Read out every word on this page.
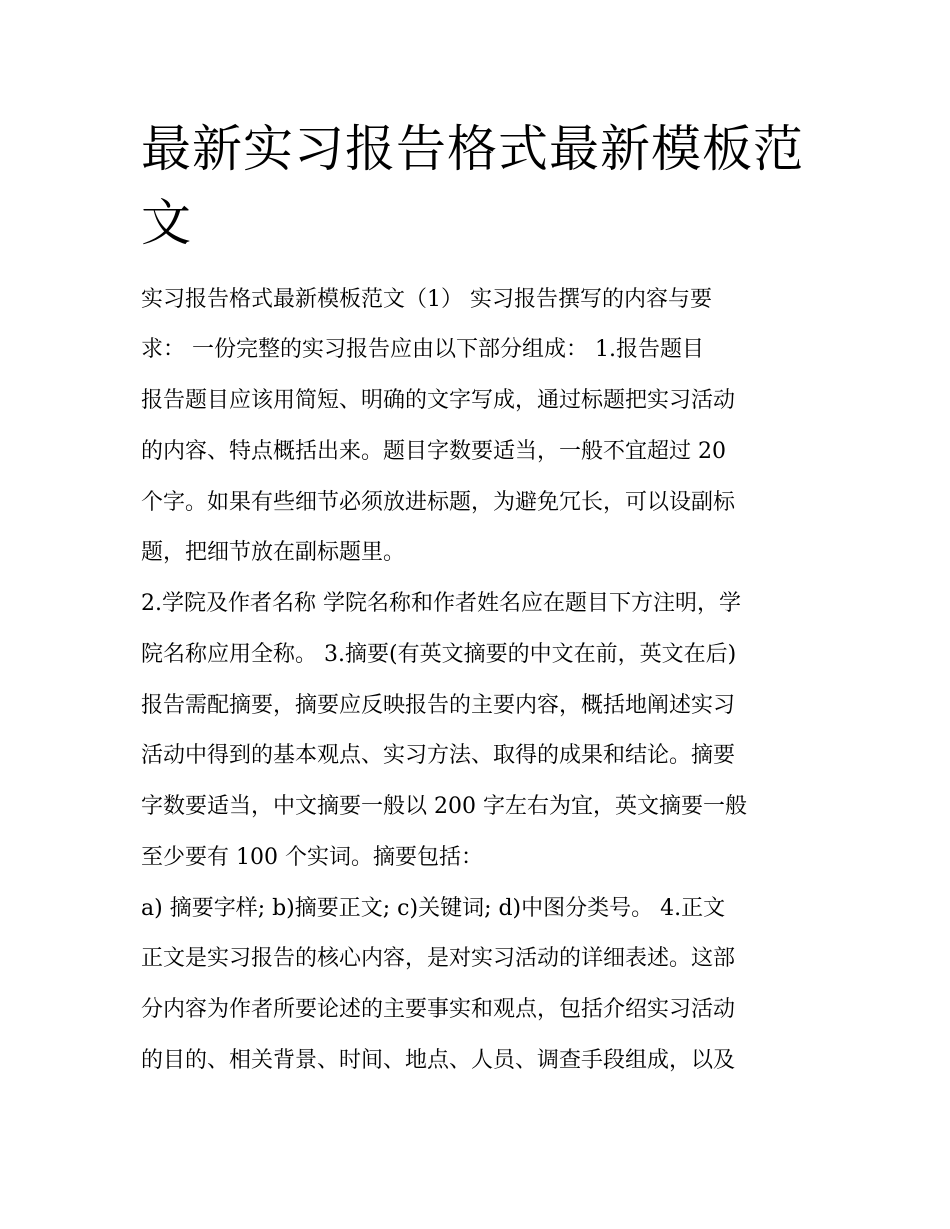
最新实习报告格式最新模板范
文
实习报告格式最新模板范文（1） 实习报告撰写的内容与要
求： 一份完整的实习报告应由以下部分组成： 1.报告题目
报告题目应该用简短、明确的文字写成，通过标题把实习活动
的内容、特点概括出来。题目字数要适当，一般不宜超过 20
个字。如果有些细节必须放进标题，为避免冗长，可以设副标
题，把细节放在副标题里。
2.学院及作者名称 学院名称和作者姓名应在题目下方注明，学
院名称应用全称。 3.摘要(有英文摘要的中文在前，英文在后)
报告需配摘要，摘要应反映报告的主要内容，概括地阐述实习
活动中得到的基本观点、实习方法、取得的成果和结论。摘要
字数要适当，中文摘要一般以 200 字左右为宜，英文摘要一般
至少要有 100 个实词。摘要包括：
a) 摘要字样; b)摘要正文; c)关键词; d)中图分类号。 4.正文
正文是实习报告的核心内容，是对实习活动的详细表述。这部
分内容为作者所要论述的主要事实和观点，包括介绍实习活动
的目的、相关背景、时间、地点、人员、调查手段组成，以及
